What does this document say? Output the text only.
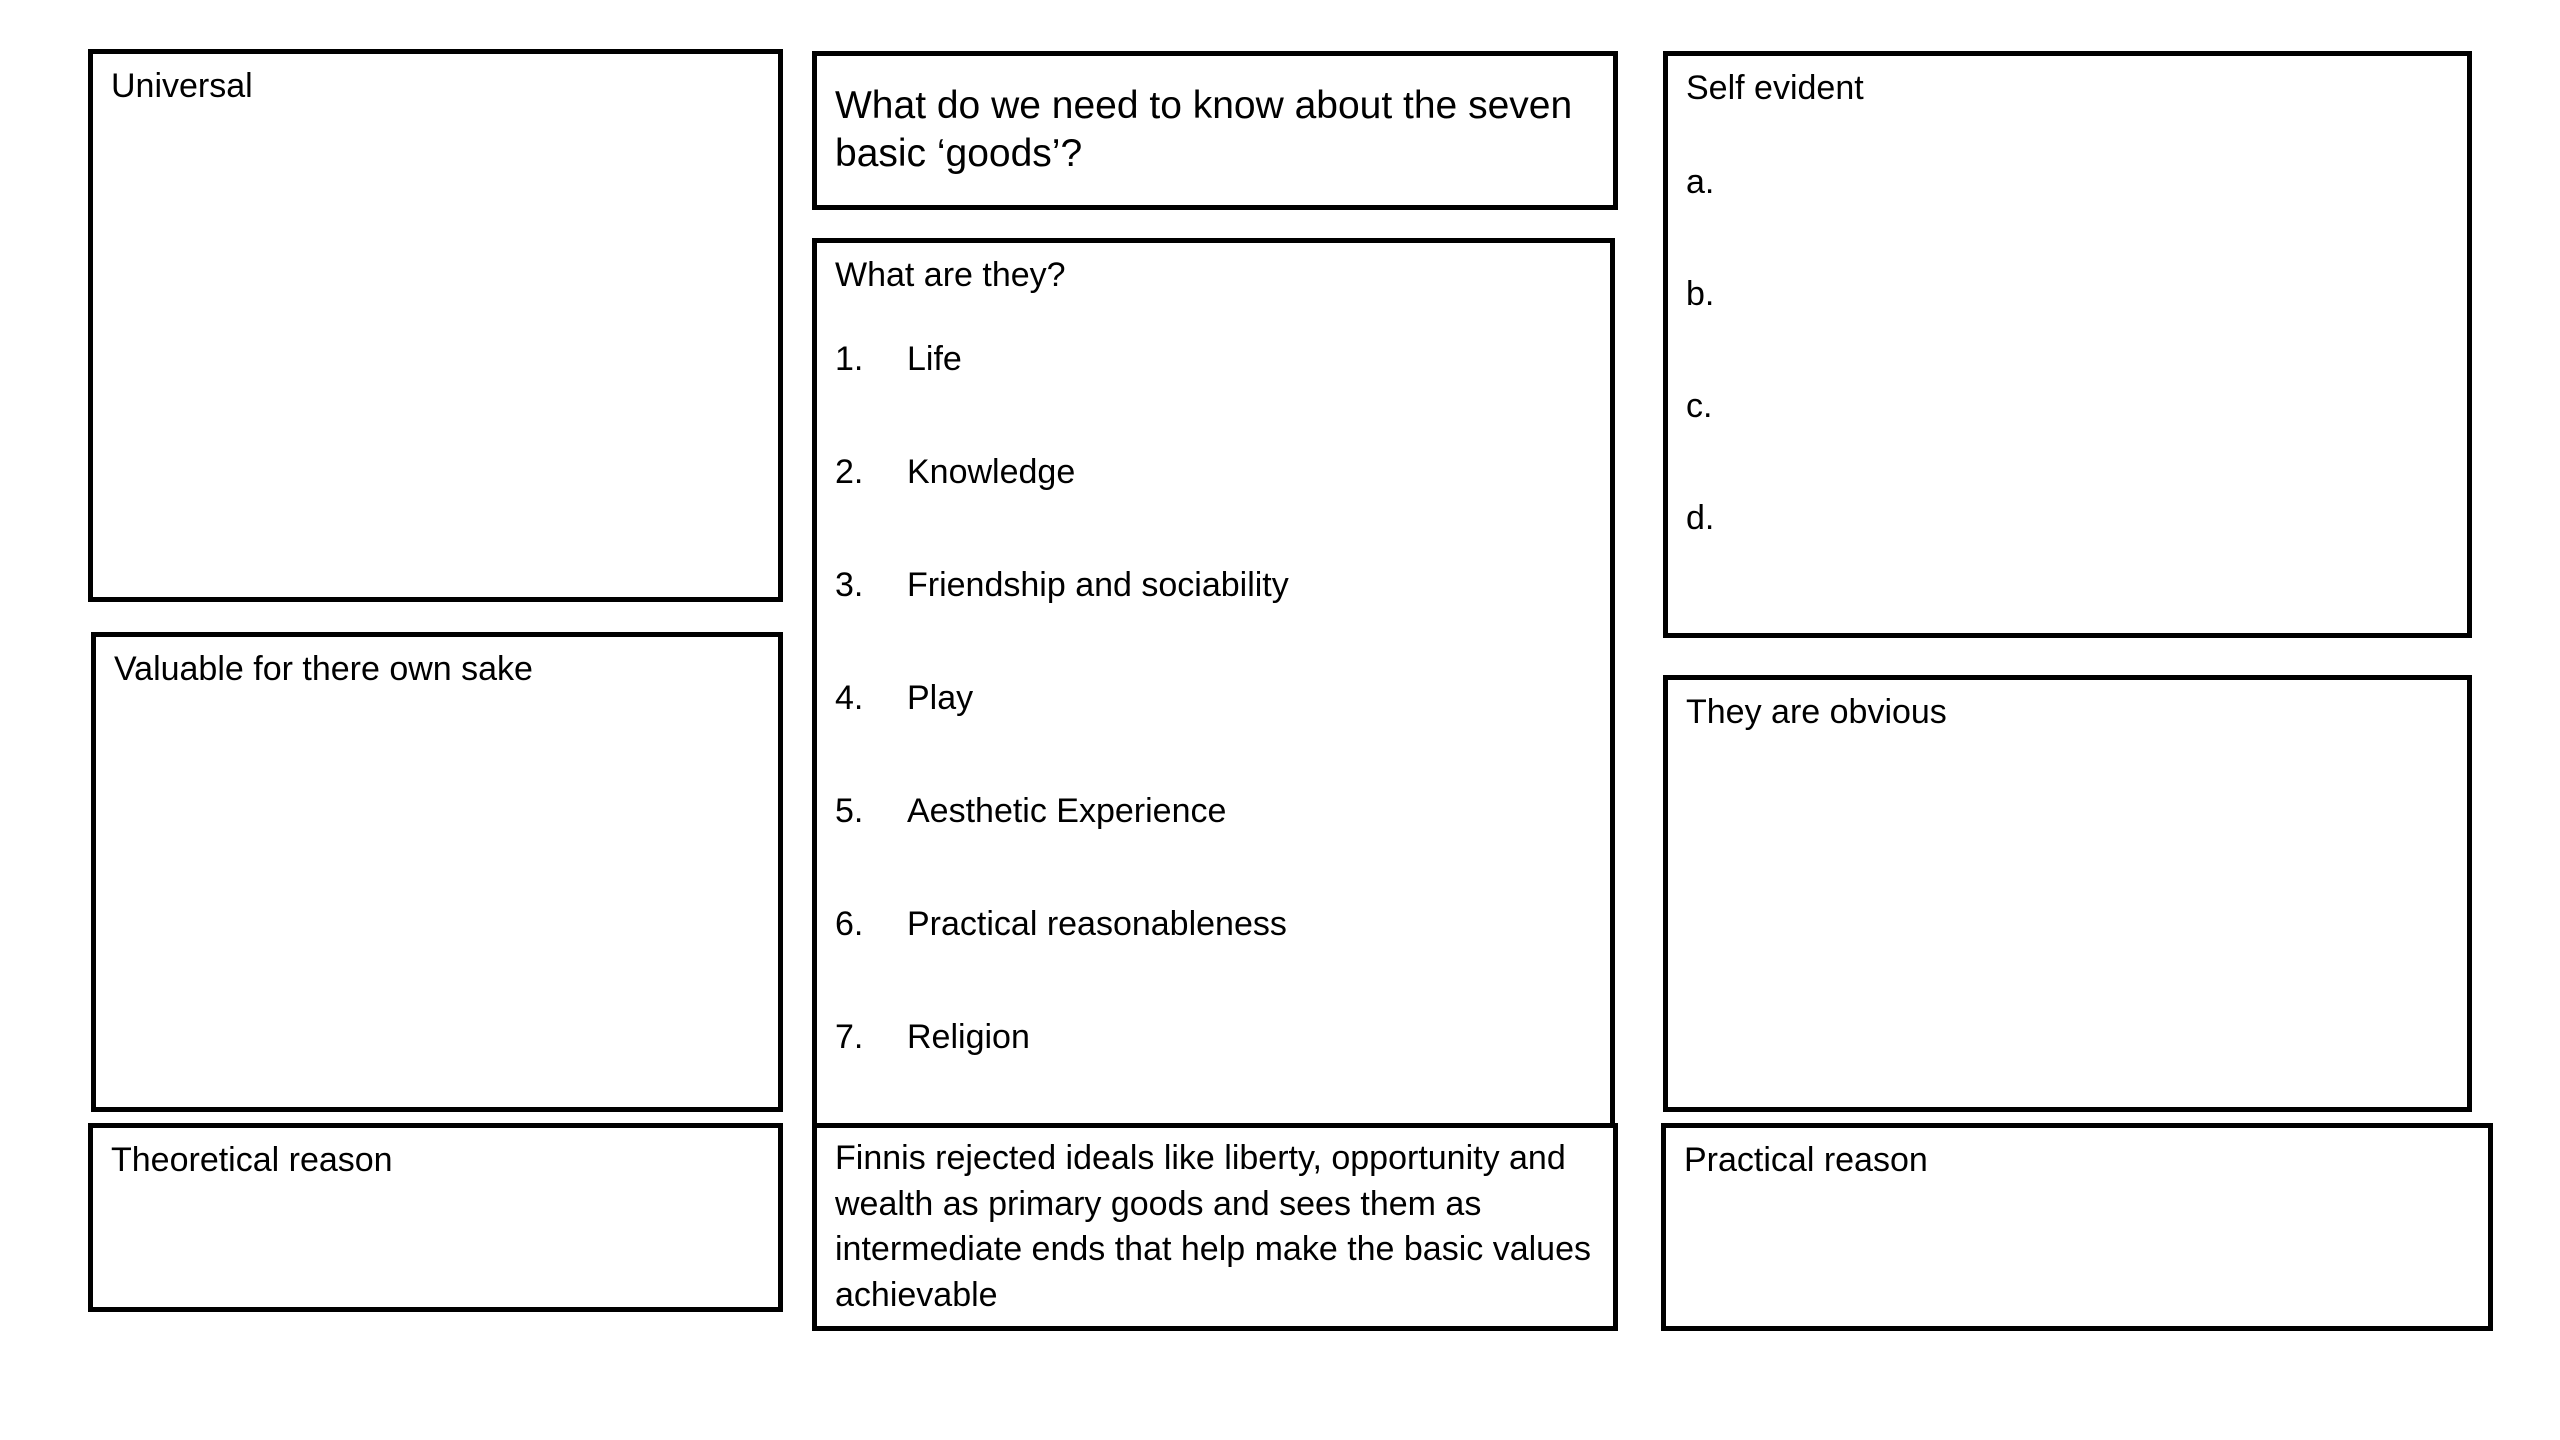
Universal
Valuable for there own sake
Theoretical reason
What do we need to know about the seven basic ‘goods’?
What are they?
1.	Life
2.	Knowledge
3.	Friendship and sociability
4.	Play
5.	Aesthetic Experience
6.	Practical reasonableness
7.	Religion
Finnis rejected ideals like liberty, opportunity and wealth as primary goods and sees them as intermediate ends that help make the basic values achievable
Self evident
a.
b.
c.
d.
They are obvious
Practical reason
